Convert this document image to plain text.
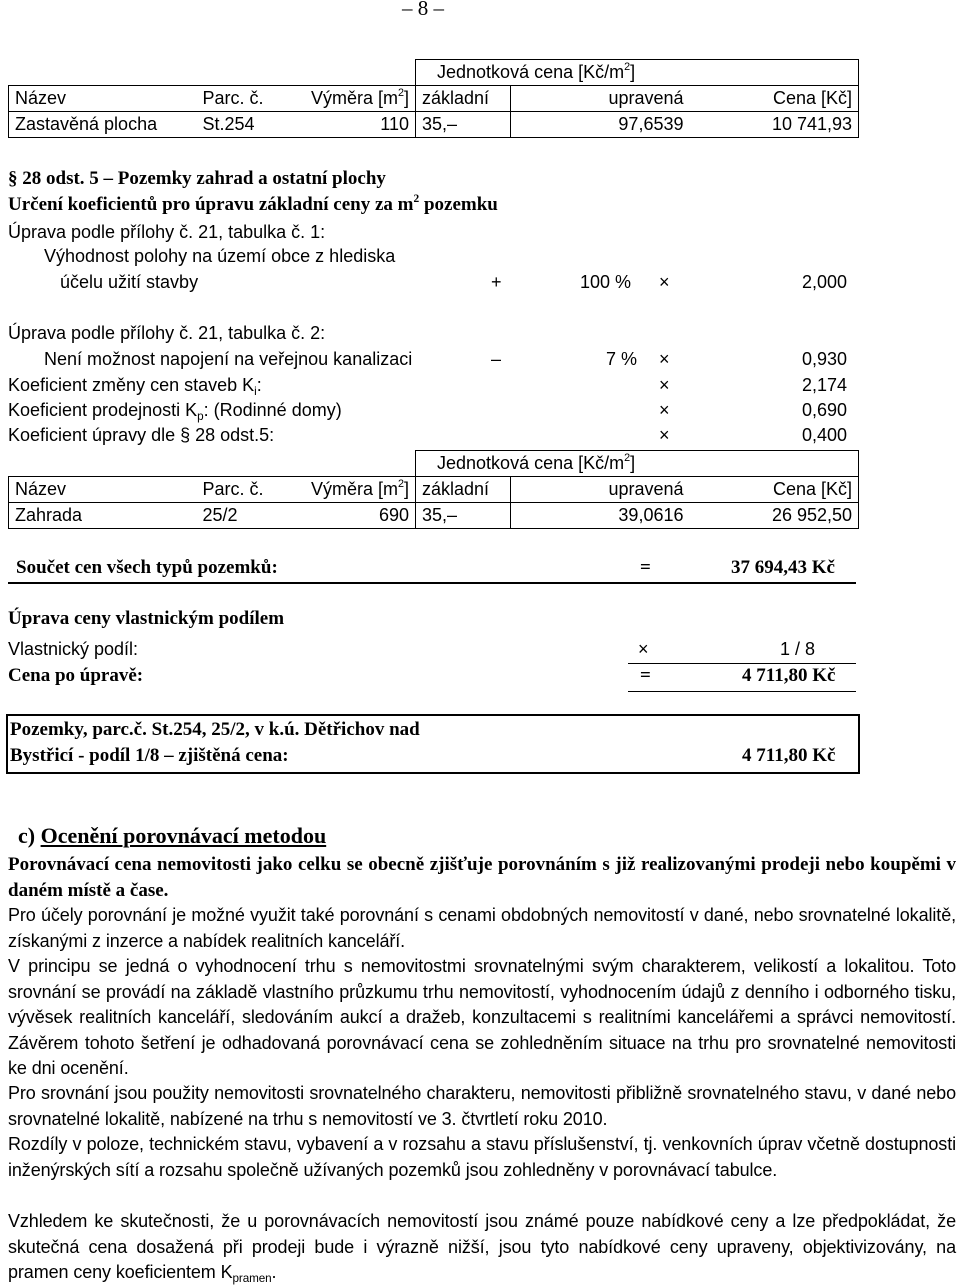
– 8 –
			Jednotková cena $[Kč/m^2]$		
Název	Parc. č.	Výměra $[m^2]$	základní	upravená	Cena [Kč]
Zastavěná plocha	St.254	110	35,–	97,6539	10 741,93
§ 28 odst. 5 – Pozemky zahrad a ostatní plochy
Určení koeficientů pro úpravu základní ceny za $m^2$ pozemku
Úprava podle přílohy č. 21, tabulka č. 1:
Výhodnost polohy na území obce z hlediska
účelu užití stavby	+	100 % ×	2,000
Úprava podle přílohy č. 21, tabulka č. 2:
Není možnost napojení na veřejnou kanalizaci	–	7 % ×	0,930
Koeficient změny cen staveb $K_i$:	×	2,174
Koeficient prodejnosti $K_p$: (Rodinné domy)	×	0,690
Koeficient úpravy dle § 28 odst.5:	×	0,400
			Jednotková cena $[Kč/m^2]$		
Název	Parc. č.	Výměra $[m^2]$	základní	upravená	Cena [Kč]
Zahrada	25/2	690	35,–	39,0616	26 952,50
Součet cen všech typů pozemků:	=	37 694,43 Kč
Úprava ceny vlastnickým podílem
Vlastnický podíl:	×	1 / 8
Cena po úpravě:	=	4 711,80 Kč
Pozemky, parc.č. St.254, 25/2, v k.ú. Dětřichov nad
Bystřicí - podíl 1/8 – zjištěná cena:	4 711,80 Kč
c) Ocenění porovnávací metodou
Porovnávací cena nemovitosti jako celku se obecně zjišťuje porovnáním s již realizovanými prodeji nebo koupěmi v daném místě a čase.
Pro účely porovnání je možné využit také porovnání s cenami obdobných nemovitostí v dané, nebo srovnatelné lokalitě, získanými z inzerce a nabídek realitních kanceláří.
V principu se jedná o vyhodnocení trhu s nemovitostmi srovnatelnými svým charakterem, velikostí a lokalitou. Toto srovnání se provádí na základě vlastního průzkumu trhu nemovitostí, vyhodnocením údajů z denního i odborného tisku, vývěsek realitních kanceláří, sledováním aukcí a dražeb, konzultacemi s realitními kancelářemi a správci nemovitostí. Závěrem tohoto šetření je odhadovaná porovnávací cena se zohledněním situace na trhu pro srovnatelné nemovitosti ke dni ocenění.
Pro srovnání jsou použity nemovitosti srovnatelného charakteru, nemovitosti přibližně srovnatelného stavu, v dané nebo srovnatelné lokalitě, nabízené na trhu s nemovitostí ve 3. čtvrtletí roku 2010.
Rozdíly v poloze, technickém stavu, vybavení a v rozsahu a stavu příslušenství, tj. venkovních úprav včetně dostupnosti inženýrských sítí a rozsahu společně užívaných pozemků jsou zohledněny v porovnávací tabulce.
Vzhledem ke skutečnosti, že u porovnávacích nemovitostí jsou známé pouze nabídkové ceny a lze předpokládat, že skutečná cena dosažená při prodeji bude i výrazně nižší, jsou tyto nabídkové ceny upraveny, objektivizovány, na pramen ceny koeficientem $K_{pramen}$.
